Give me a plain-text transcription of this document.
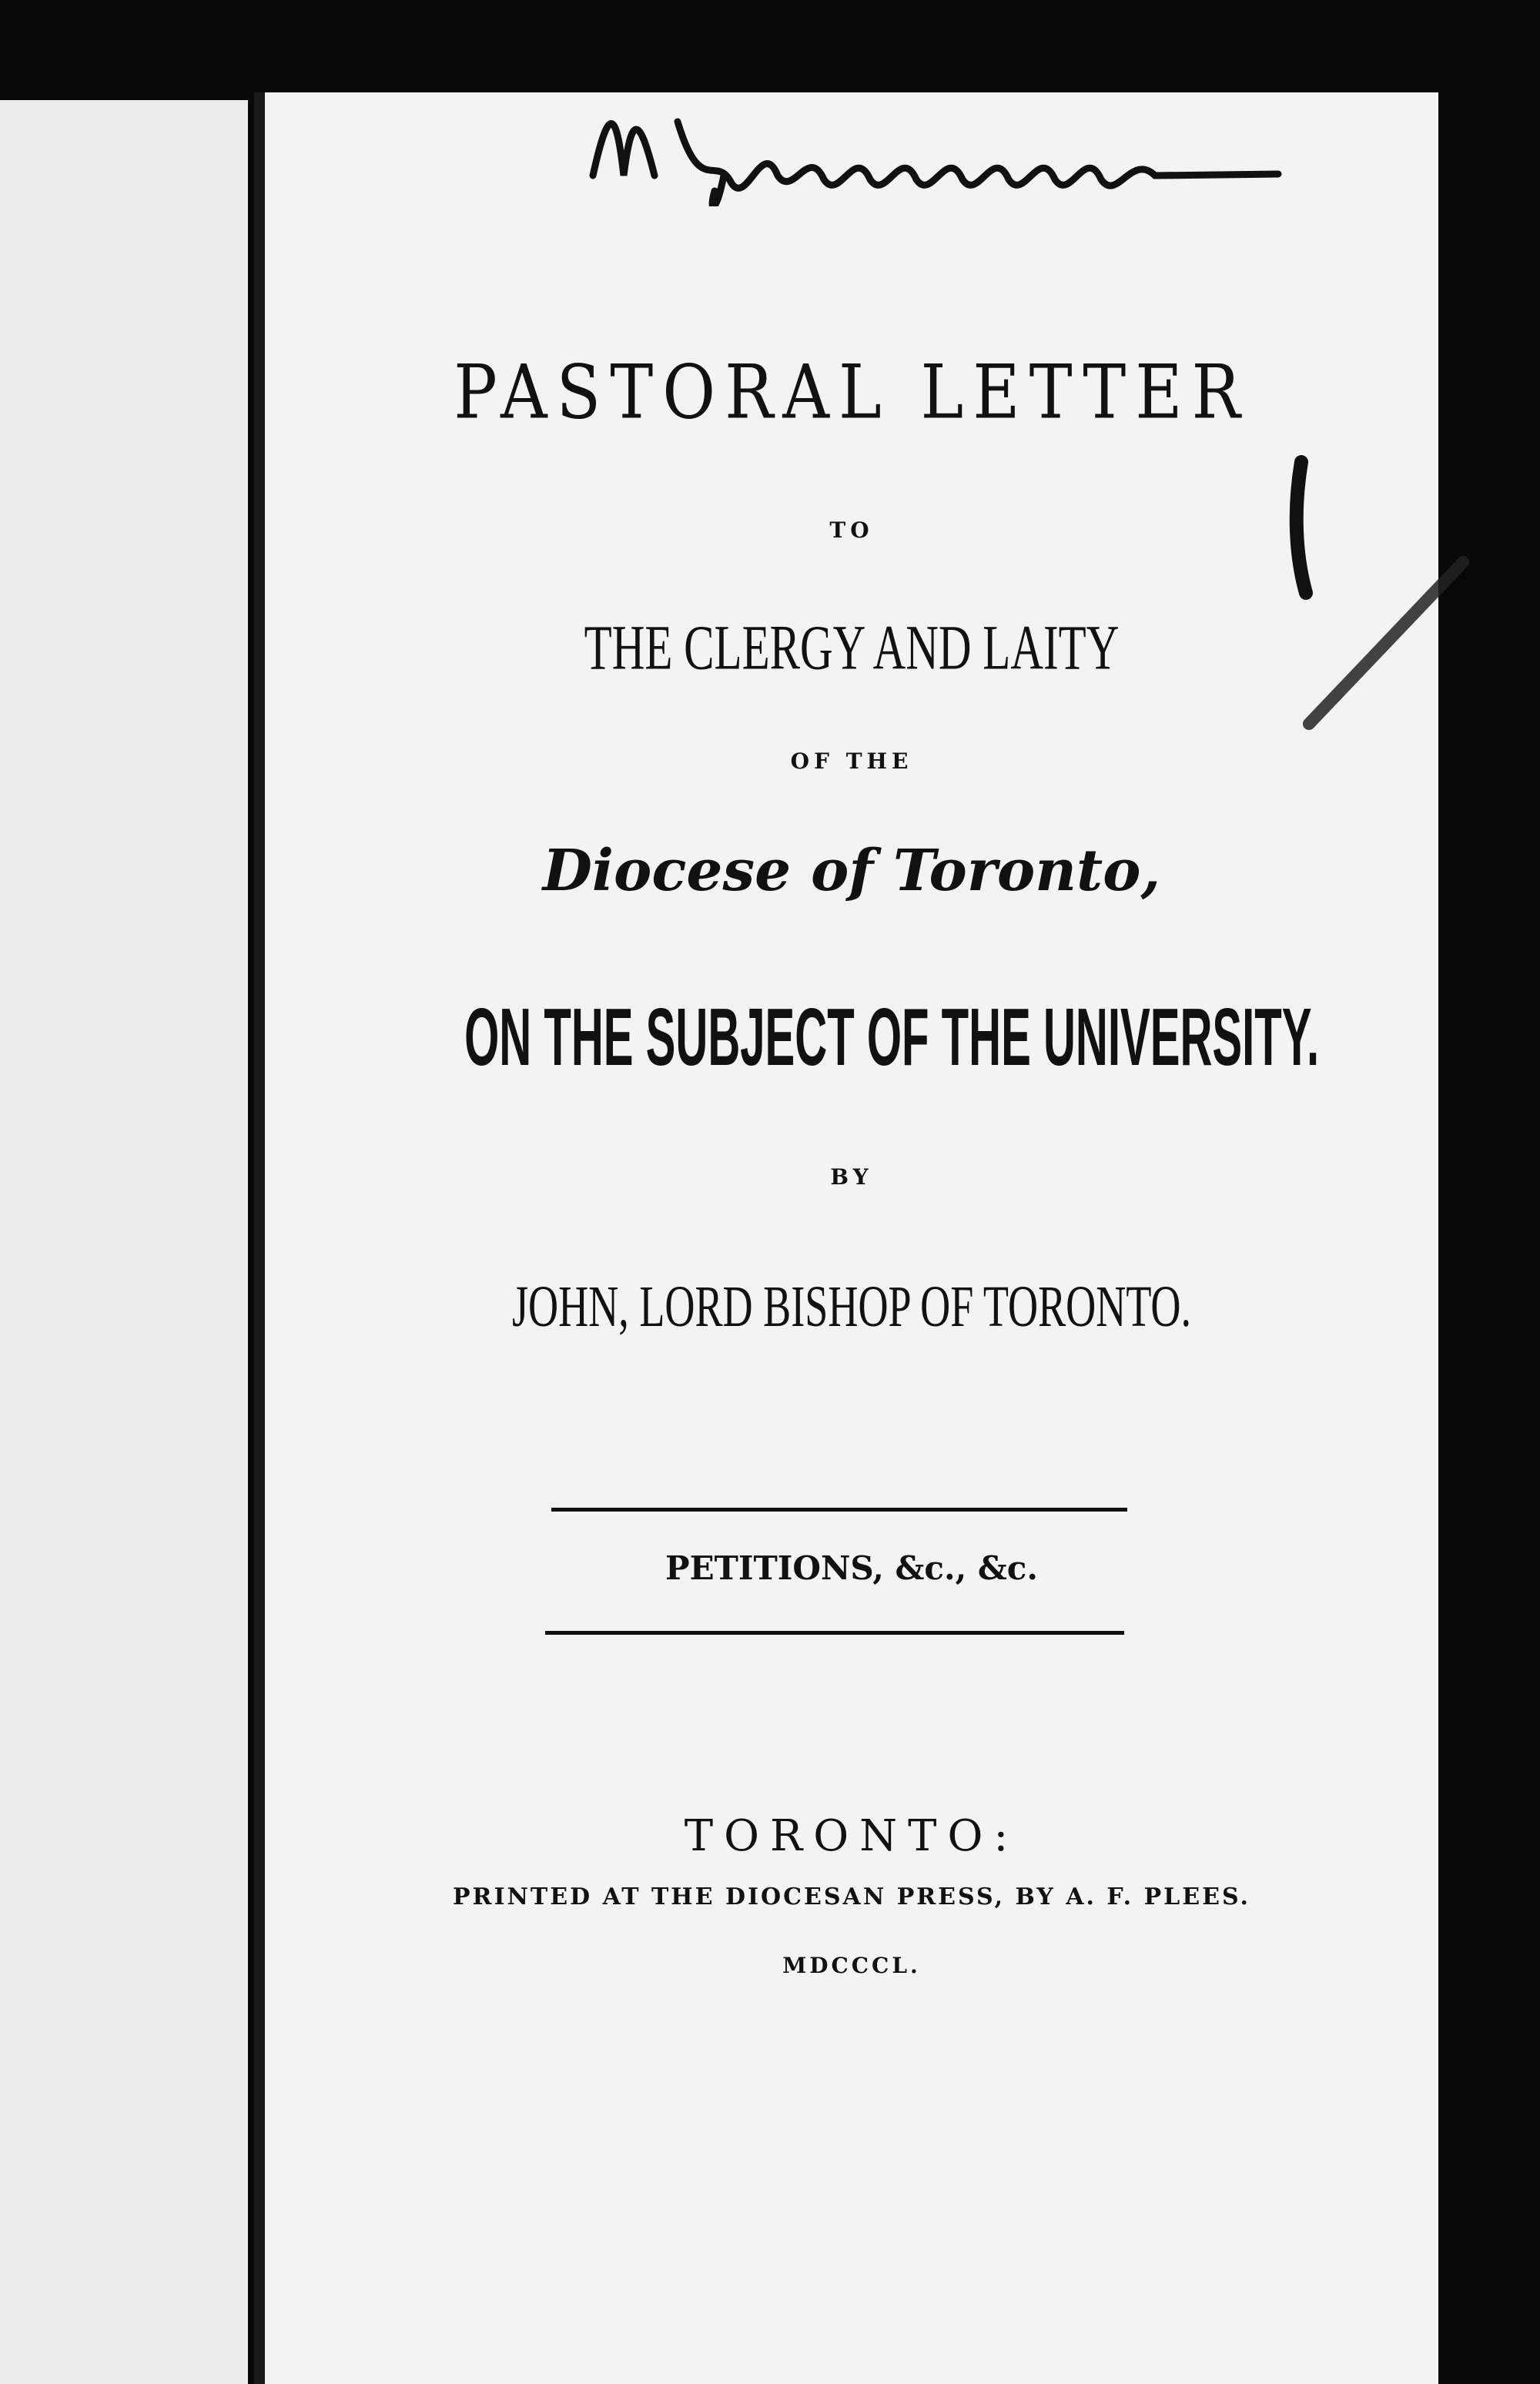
PASTORAL LETTER
TO
THE CLERGY AND LAITY
OF THE
Diocese of Toronto,
ON THE SUBJECT OF THE UNIVERSITY.
BY
JOHN, LORD BISHOP OF TORONTO.
PETITIONS, &c., &c.
TORONTO:
PRINTED AT THE DIOCESAN PRESS, BY A. F. PLEES.
MDCCCL.
